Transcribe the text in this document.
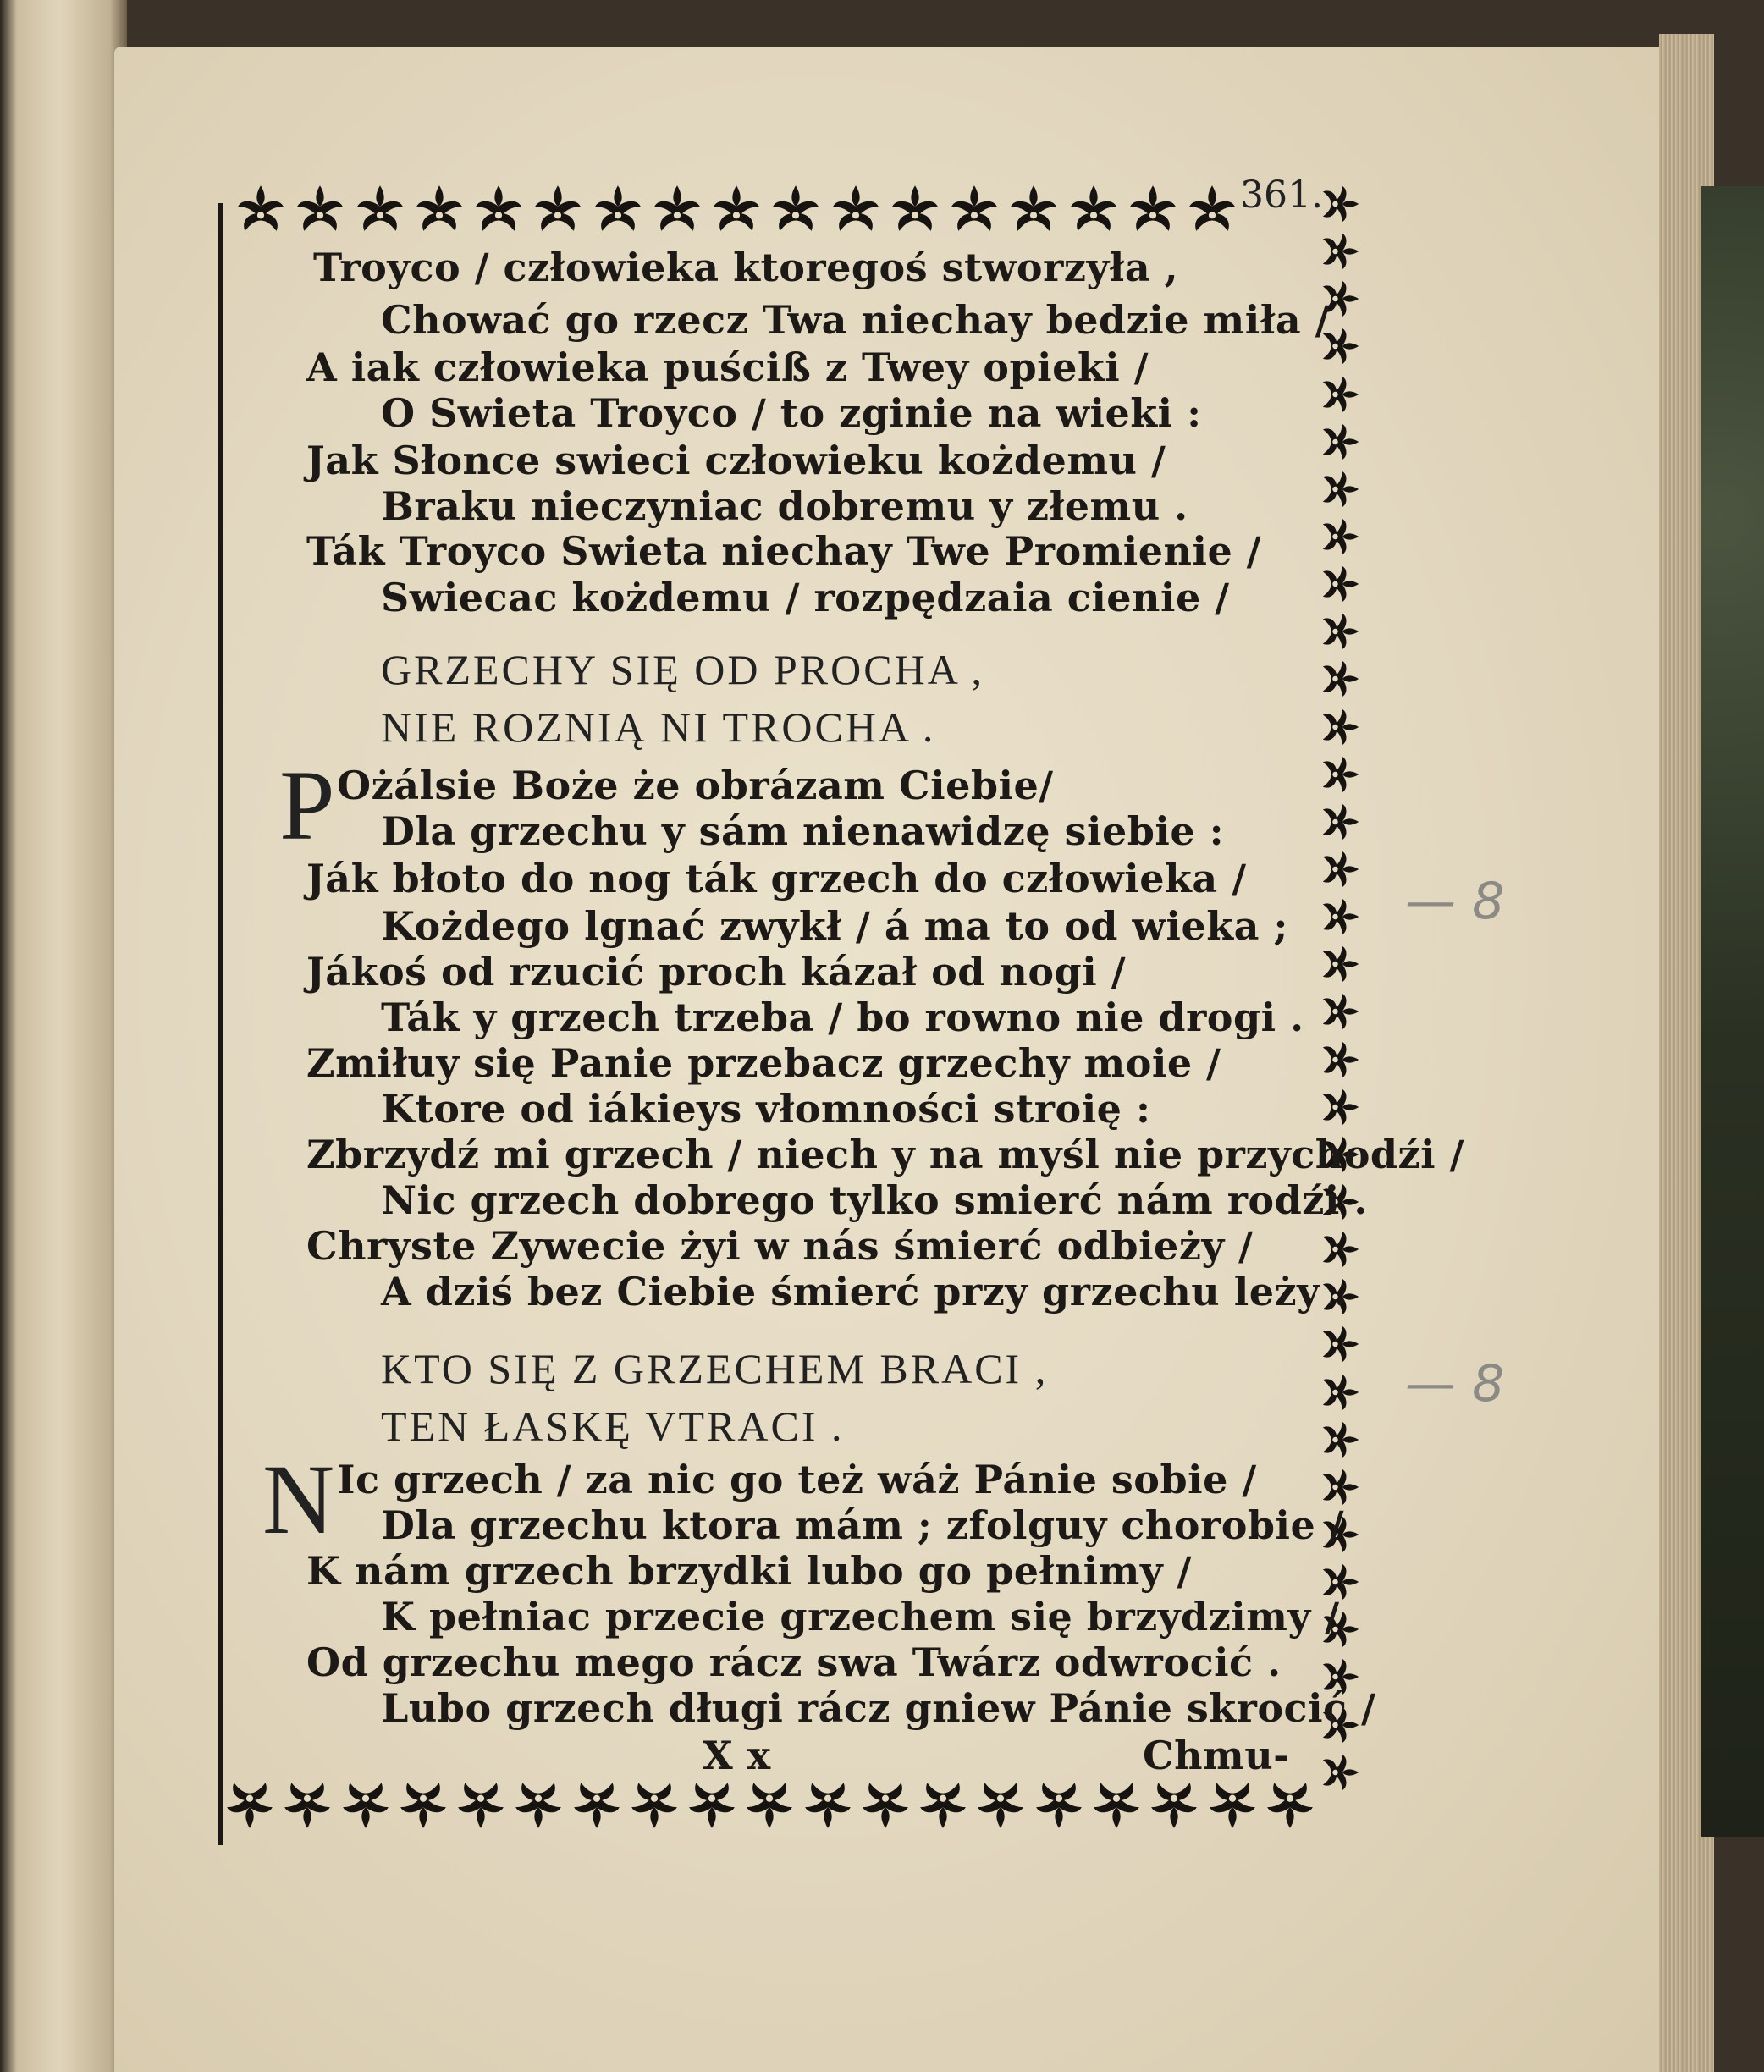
361.
Troyco / człowieka ktoregoś stworzyła ,
Chować go rzecz Twa niechay bedzie miła /
A iak człowieka puściß z Twey opieki /
O Swieta Troyco / to zginie na wieki :
Jak Słonce swieci człowieku kożdemu /
Braku nieczyniac dobremu y złemu .
Ták Troyco Swieta niechay Twe Promienie /
Swiecac kożdemu / rozpędzaia cienie /
GRZECHY SIĘ OD PROCHA ,
NIE ROZNIĄ NI TROCHA .
P Ożálsie Boże że obrázam Ciebie/
Dla grzechu y sám nienawidzę siebie :
Ják błoto do nog ták grzech do człowieka /
Kożdego lgnać zwykł / á ma to od wieka ;
Jákoś od rzucić proch kázał od nogi /
Ták y grzech trzeba / bo rowno nie drogi .
Zmiłuy się Panie przebacz grzechy moie /
Ktore od iákieys vłomności stroię :
Zbrzydź mi grzech / niech y na myśl nie przychodźi /
Nic grzech dobrego tylko smierć nám rodźi .
Chryste Zywecie żyi w nás śmierć odbieży /
A dziś bez Ciebie śmierć przy grzechu leży .
KTO SIĘ Z GRZECHEM BRACI ,
TEN ŁASKĘ VTRACI .
N Ic grzech / za nic go też wáż Pánie sobie /
Dla grzechu ktora mám ; zfolguy chorobie /
K nám grzech brzydki lubo go pełnimy /
K pełniac przecie grzechem się brzydzimy /
Od grzechu mego rácz swa Twárz odwrocić .
Lubo grzech długi rácz gniew Pánie skrocić /
X x	Chmu-
— 8
— 8
